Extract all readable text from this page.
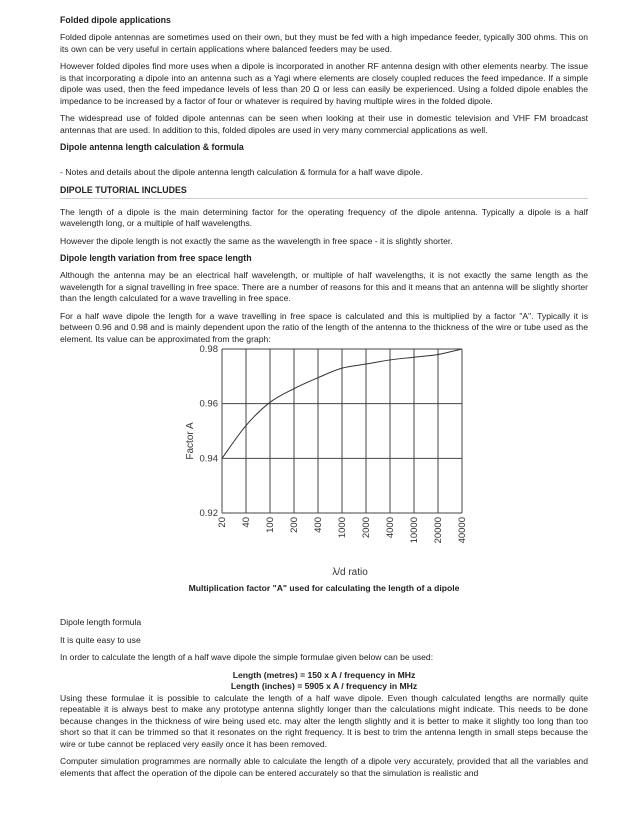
Folded dipole applications

Folded dipole antennas are sometimes used on their own, but they must be fed with a high impedance feeder, typically 300 ohms. This on its own can be very useful in certain applications where balanced feeders may be used.

However folded dipoles find more uses when a dipole is incorporated in another RF antenna design with other elements nearby. The issue is that incorporating a dipole into an antenna such as a Yagi where elements are closely coupled reduces the feed impedance. If a simple dipole was used, then the feed impedance levels of less than 20 Ω or less can easily be experienced. Using a folded dipole enables the impedance to be increased by a factor of four or whatever is required by having multiple wires in the folded dipole.

The widespread use of folded dipole antennas can be seen when looking at their use in domestic television and VHF FM broadcast antennas that are used. In addition to this, folded dipoles are used in very many commercial applications as well.

Dipole antenna length calculation & formula

- Notes and details about the dipole antenna length calculation & formula for a half wave dipole.

DIPOLE TUTORIAL INCLUDES

The length of a dipole is the main determining factor for the operating frequency of the dipole antenna. Typically a dipole is a half wavelength long, or a multiple of half wavelengths.

However the dipole length is not exactly the same as the wavelength in free space - it is slightly shorter.

Dipole length variation from free space length

Although the antenna may be an electrical half wavelength, or multiple of half wavelengths, it is not exactly the same length as the wavelength for a signal travelling in free space. There are a number of reasons for this and it means that an antenna will be slightly shorter than the length calculated for a wave travelling in free space.

For a half wave dipole the length for a wave travelling in free space is calculated and this is multiplied by a factor "A". Typically it is between 0.96 and 0.98 and is mainly dependent upon the ratio of the length of the antenna to the thickness of the wire or tube used as the element. Its value can be approximated from the graph:

0.98
0.96
0.94
0.92
20 40 100 200 400 1000 2000 4000 10000 20000 40000
Factor A
λ/d ratio
Multiplication factor "A" used for calculating the length of a dipole

Dipole length formula

It is quite easy to use

In order to calculate the length of a half wave dipole the simple formulae given below can be used:

Length (metres) = 150 x A / frequency in MHz

Length (inches) = 5905 x A / frequency in MHz

Using these formulae it is possible to calculate the length of a half wave dipole. Even though calculated lengths are normally quite repeatable it is always best to make any prototype antenna slightly longer than the calculations might indicate. This needs to be done because changes in the thickness of wire being used etc. may alter the length slightly and it is better to make it slightly too long than too short so that it can be trimmed so that it resonates on the right frequency. It is best to trim the antenna length in small steps because the wire or tube cannot be replaced very easily once it has been removed.

Computer simulation programmes are normally able to calculate the length of a dipole very accurately, provided that all the variables and elements that affect the operation of the dipole can be entered accurately so that the simulation is realistic and
